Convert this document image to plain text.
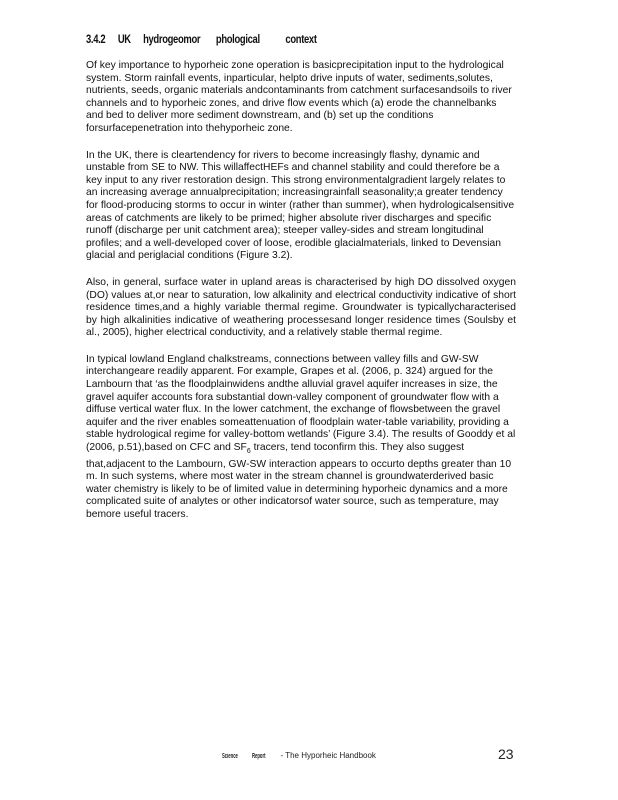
3.4.2 UK hydrogeomor phological context

Of key importance to hyporheic zone operation is basicprecipitation input to the hydrological system. Storm rainfall events, inparticular, helpto drive inputs of water, sediments,solutes, nutrients, seeds, organic materials andcontaminants from catchment surfacesandsoils to river channels and to hyporheic zones, and drive flow events which (a) erode the channelbanks and bed to deliver more sediment downstream, and (b) set up the conditions forsurfacepenetration into thehyporheic zone.

In the UK, there is cleartendency for rivers to become increasingly flashy, dynamic and unstable from SE to NW. This willaffectHEFs and channel stability and could therefore be a key input to any river restoration design. This strong environmentalgradient largely relates to an increasing average annualprecipitation; increasingrainfall seasonality;a greater tendency for flood-producing storms to occur in winter (rather than summer), when hydrologicalsensitive areas of catchments are likely to be primed; higher absolute river discharges and specific runoff (discharge per unit catchment area); steeper valley-sides and stream longitudinal profiles; and a well-developed cover of loose, erodible glacialmaterials, linked to Devensian glacial and periglacial conditions (Figure 3.2).

Also, in general, surface water in upland areas is characterised by high DO dissolved oxygen (DO) values at,or near to saturation, low alkalinity and electrical conductivity indicative of short residence times,and a highly variable thermal regime. Groundwater is typicallycharacterised by high alkalinities indicative of weathering processesand longer residence times (Soulsby et al., 2005), higher electrical conductivity, and a relatively stable thermal regime.

In typical lowland England chalkstreams, connections between valley fills and GW-SW interchangeare readily apparent. For example, Grapes et al. (2006, p. 324) argued for the Lambourn that ‘as the floodplainwidens andthe alluvial gravel aquifer increases in size, the gravel aquifer accounts fora substantial down-valley component of groundwater flow with a diffuse vertical water flux. In the lower catchment, the exchange of flowsbetween the gravel aquifer and the river enables someattenuation of floodplain water-table variability, providing a stable hydrological regime for valley-bottom wetlands’ (Figure 3.4). The results of Gooddy et al (2006, p.51),based on CFC and $SF_6$ tracers, tend toconfirm this. They also suggest that,adjacent to the Lambourn, GW-SW interaction appears to occurto depths greater than 10 m. In such systems, where most water in the stream channel is groundwaterderived basic water chemistry is likely to be of limited value in determining hyporheic dynamics and a more complicated suite of analytes or other indicatorsof water source, such as temperature, may bemore useful tracers.

Science Report - The Hyporheic Handbook	23
